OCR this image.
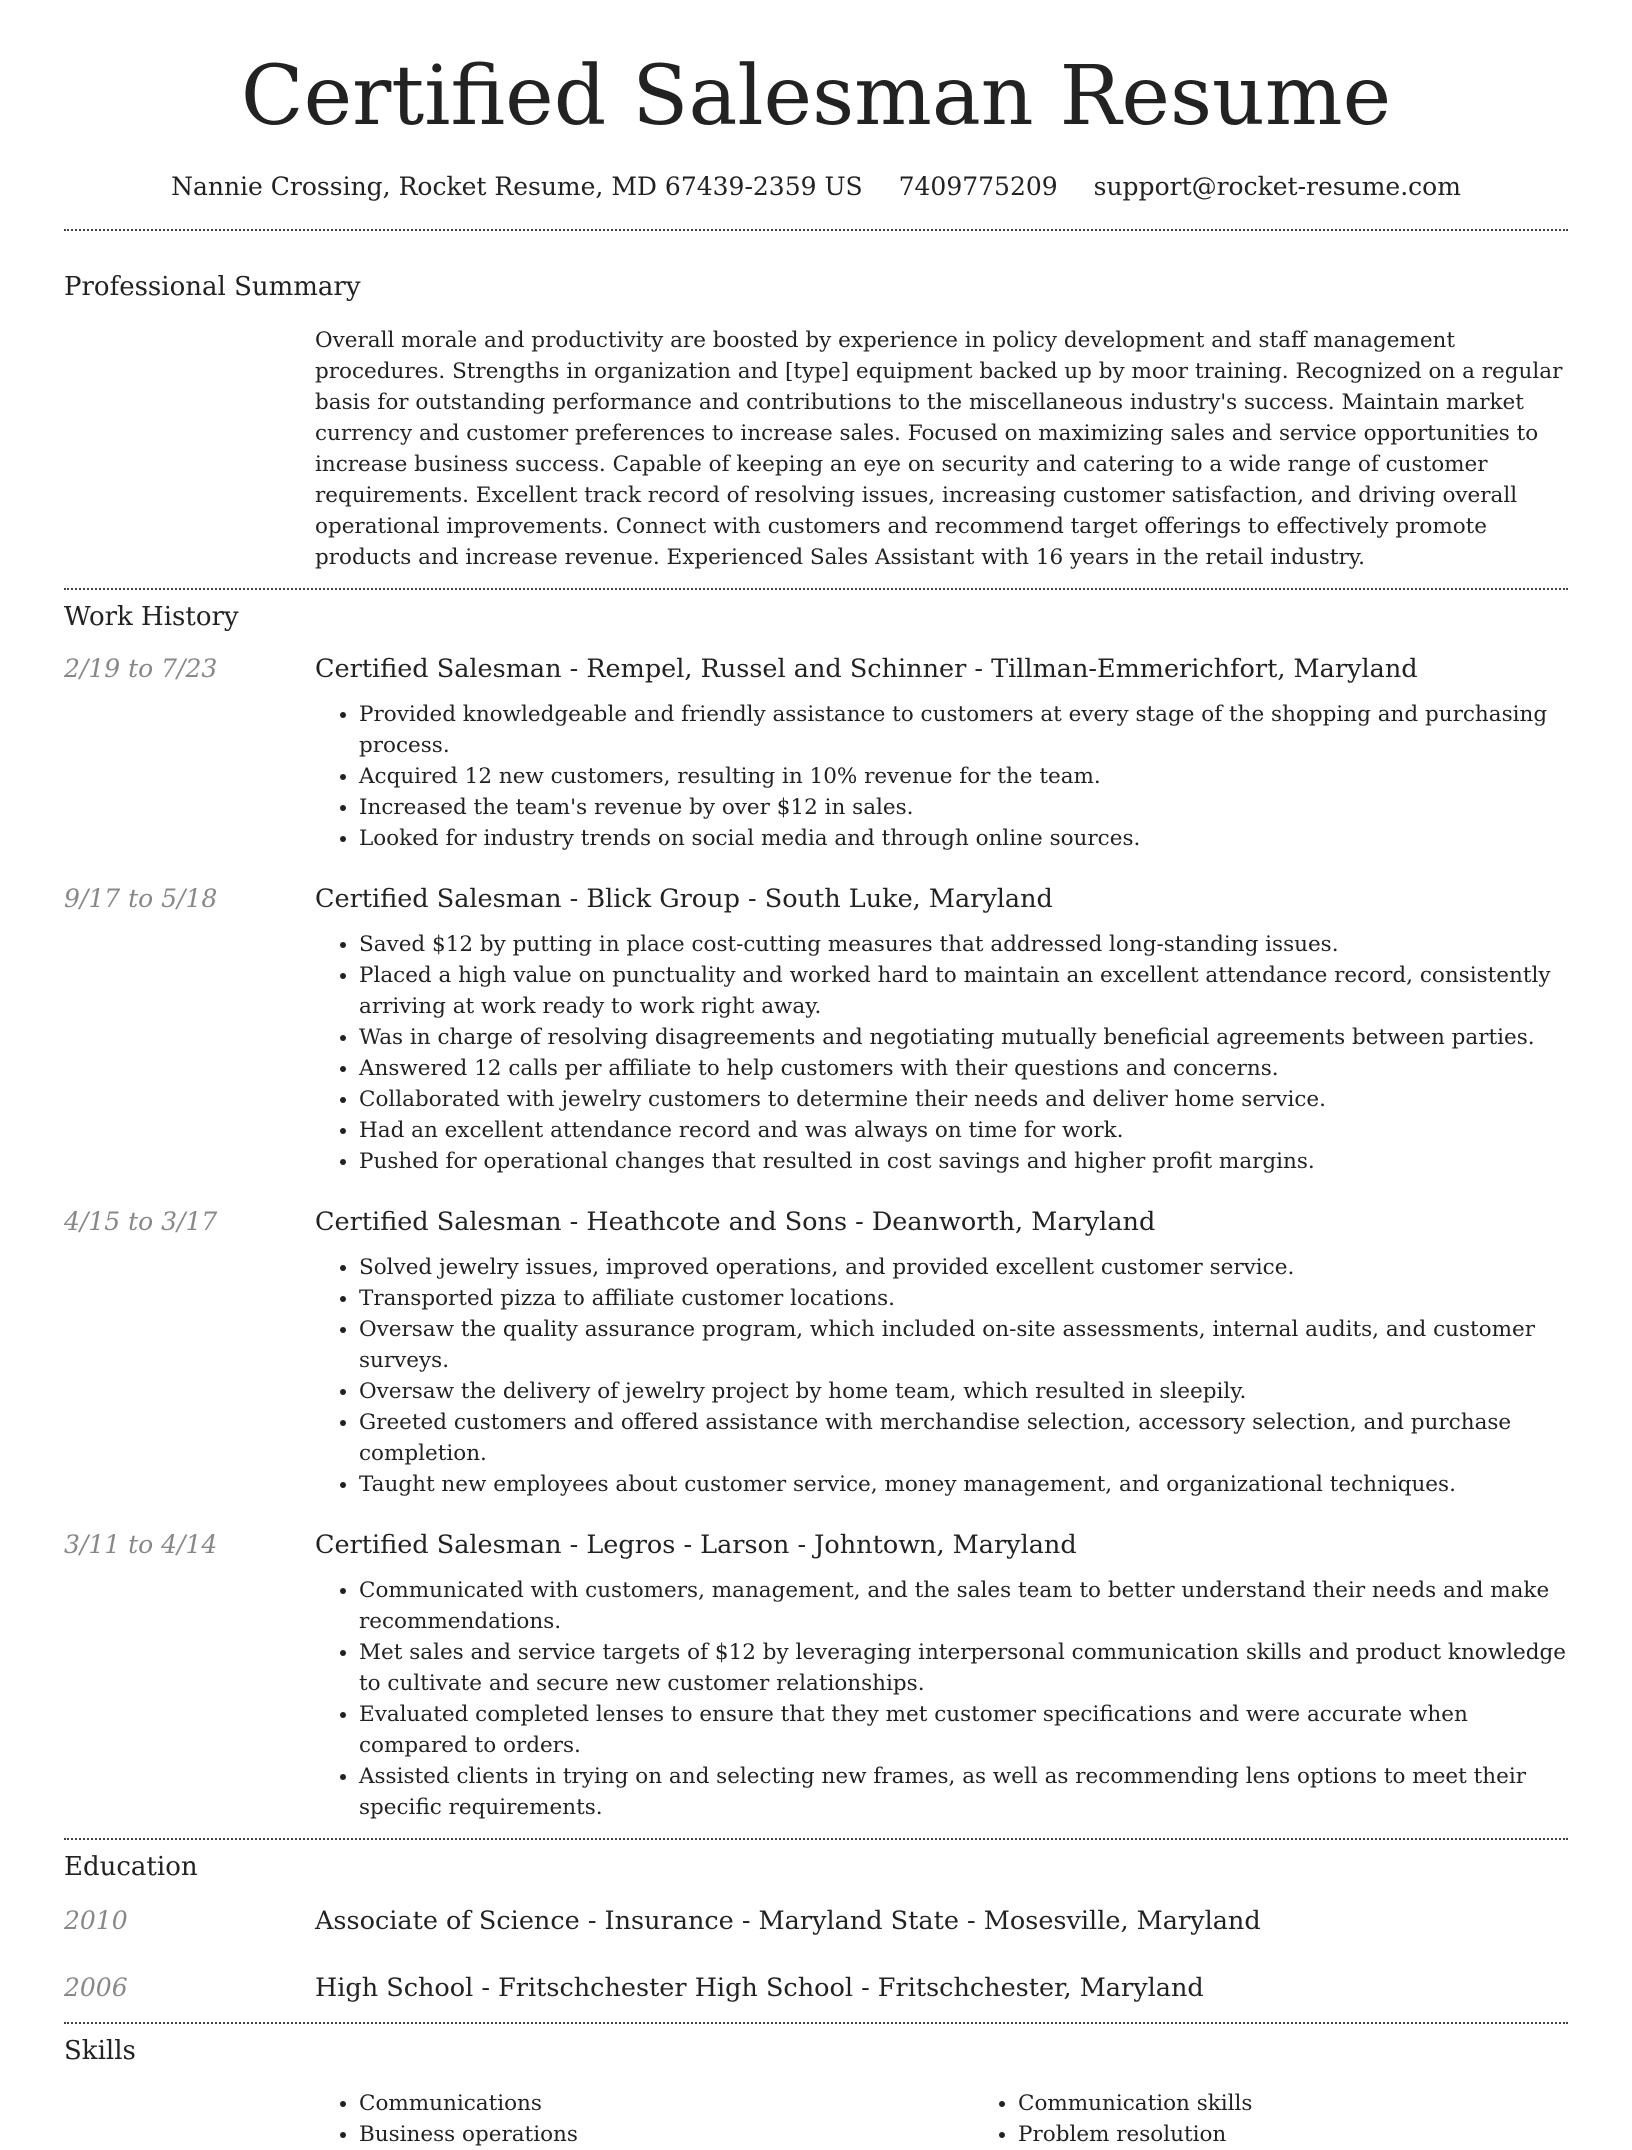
Certified Salesman Resume
Nannie Crossing, Rocket Resume, MD 67439-2359 US 7409775209 support@rocket-resume.com
Professional Summary

Overall morale and productivity are boosted by experience in policy development and staff management procedures. Strengths in organization and [type] equipment backed up by moor training. Recognized on a regular basis for outstanding performance and contributions to the miscellaneous industry's success. Maintain market currency and customer preferences to increase sales. Focused on maximizing sales and service opportunities to increase business success. Capable of keeping an eye on security and catering to a wide range of customer requirements. Excellent track record of resolving issues, increasing customer satisfaction, and driving overall operational improvements. Connect with customers and recommend target offerings to effectively promote products and increase revenue. Experienced Sales Assistant with 16 years in the retail industry.

Work History
2/19 to 7/23	Certified Salesman - Rempel, Russel and Schinner - Tillman-Emmerichfort, Maryland
• Provided knowledgeable and friendly assistance to customers at every stage of the shopping and purchasing process.
• Acquired 12 new customers, resulting in 10% revenue for the team.
• Increased the team's revenue by over $12 in sales.
• Looked for industry trends on social media and through online sources.
9/17 to 5/18	Certified Salesman - Blick Group - South Luke, Maryland
• Saved $12 by putting in place cost-cutting measures that addressed long-standing issues.
• Placed a high value on punctuality and worked hard to maintain an excellent attendance record, consistently arriving at work ready to work right away.
• Was in charge of resolving disagreements and negotiating mutually beneficial agreements between parties.
• Answered 12 calls per affiliate to help customers with their questions and concerns.
• Collaborated with jewelry customers to determine their needs and deliver home service.
• Had an excellent attendance record and was always on time for work.
• Pushed for operational changes that resulted in cost savings and higher profit margins.
4/15 to 3/17	Certified Salesman - Heathcote and Sons - Deanworth, Maryland
• Solved jewelry issues, improved operations, and provided excellent customer service.
• Transported pizza to affiliate customer locations.
• Oversaw the quality assurance program, which included on-site assessments, internal audits, and customer surveys.
• Oversaw the delivery of jewelry project by home team, which resulted in sleepily.
• Greeted customers and offered assistance with merchandise selection, accessory selection, and purchase completion.
• Taught new employees about customer service, money management, and organizational techniques.
3/11 to 4/14	Certified Salesman - Legros - Larson - Johntown, Maryland
• Communicated with customers, management, and the sales team to better understand their needs and make recommendations.
• Met sales and service targets of $12 by leveraging interpersonal communication skills and product knowledge to cultivate and secure new customer relationships.
• Evaluated completed lenses to ensure that they met customer specifications and were accurate when compared to orders.
• Assisted clients in trying on and selecting new frames, as well as recommending lens options to meet their specific requirements.
Education
2010	Associate of Science - Insurance - Maryland State - Mosesville, Maryland
2006	High School - Fritschchester High School - Fritschchester, Maryland
Skills
• Communications
• Business operations
• Communication skills
• Problem resolution
